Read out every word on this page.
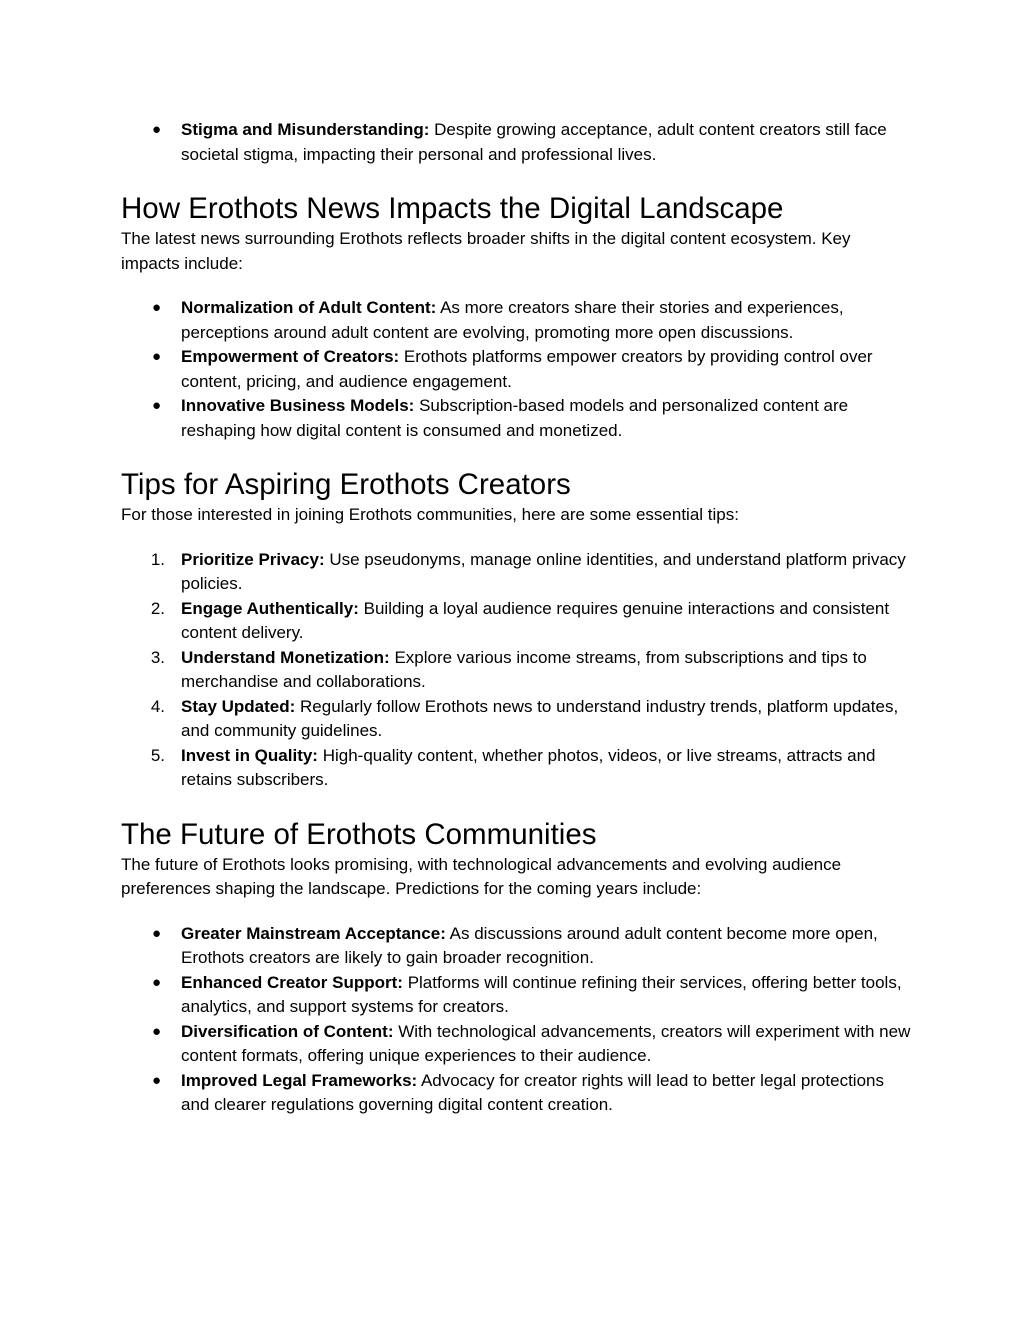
● Stigma and Misunderstanding: Despite growing acceptance, adult content creators still face societal stigma, impacting their personal and professional lives.
How Erothots News Impacts the Digital Landscape

The latest news surrounding Erothots reflects broader shifts in the digital content ecosystem. Key impacts include:

● Normalization of Adult Content: As more creators share their stories and experiences, perceptions around adult content are evolving, promoting more open discussions.
● Empowerment of Creators: Erothots platforms empower creators by providing control over content, pricing, and audience engagement.
● Innovative Business Models: Subscription-based models and personalized content are reshaping how digital content is consumed and monetized.
Tips for Aspiring Erothots Creators

For those interested in joining Erothots communities, here are some essential tips:

1. Prioritize Privacy: Use pseudonyms, manage online identities, and understand platform privacy policies.
2. Engage Authentically: Building a loyal audience requires genuine interactions and consistent content delivery.
3. Understand Monetization: Explore various income streams, from subscriptions and tips to merchandise and collaborations.
4. Stay Updated: Regularly follow Erothots news to understand industry trends, platform updates, and community guidelines.
5. Invest in Quality: High-quality content, whether photos, videos, or live streams, attracts and retains subscribers.
The Future of Erothots Communities

The future of Erothots looks promising, with technological advancements and evolving audience preferences shaping the landscape. Predictions for the coming years include:

● Greater Mainstream Acceptance: As discussions around adult content become more open, Erothots creators are likely to gain broader recognition.
● Enhanced Creator Support: Platforms will continue refining their services, offering better tools, analytics, and support systems for creators.
● Diversification of Content: With technological advancements, creators will experiment with new content formats, offering unique experiences to their audience.
● Improved Legal Frameworks: Advocacy for creator rights will lead to better legal protections and clearer regulations governing digital content creation.
